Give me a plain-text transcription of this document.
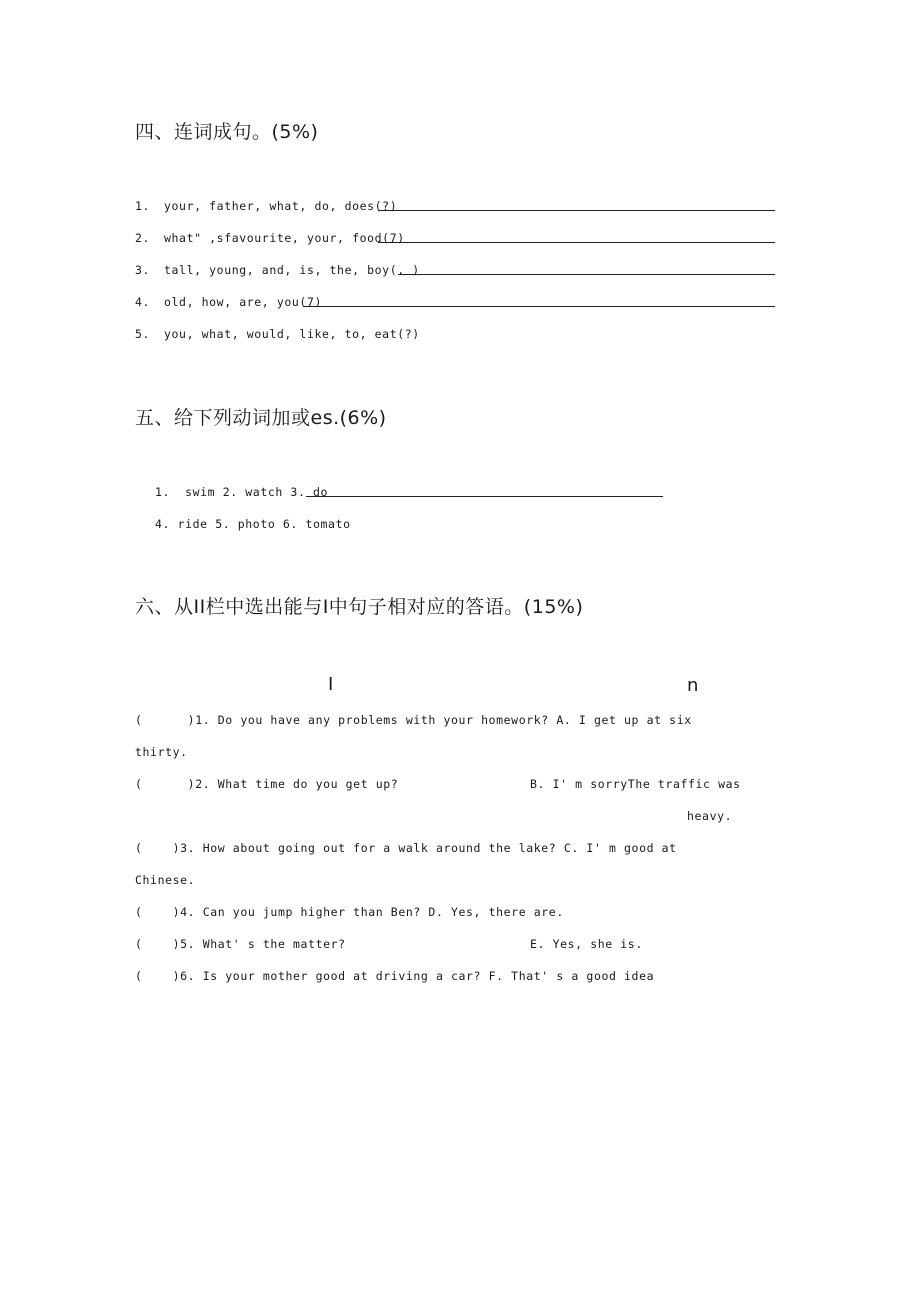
四、连词成句。(5%)
1. your, father, what, do, does(?)
2. what" ,sfavourite, your, food(7)
3. tall, young, and, is, the, boy(. )
4. old, how, are, you(7)
5. you, what, would, like, to, eat(?)
五、给下列动词加或es.(6%)
1.  swim 2. watch 3. do
4. ride 5. photo 6. tomato
六、从II栏中选出能与I中句子相对应的答语。(15%)
I	n
(      )1. Do you have any problems with your homework? A. I get up at six
thirty.
(      )2. What time do you get up?	B. I' m sorryThe traffic was
heavy.
(    )3. How about going out for a walk around the lake? C. I' m good at
Chinese.
(    )4. Can you jump higher than Ben? D. Yes, there are.
(    )5. What' s the matter?	E. Yes, she is.
(    )6. Is your mother good at driving a car? F. That' s a good idea
